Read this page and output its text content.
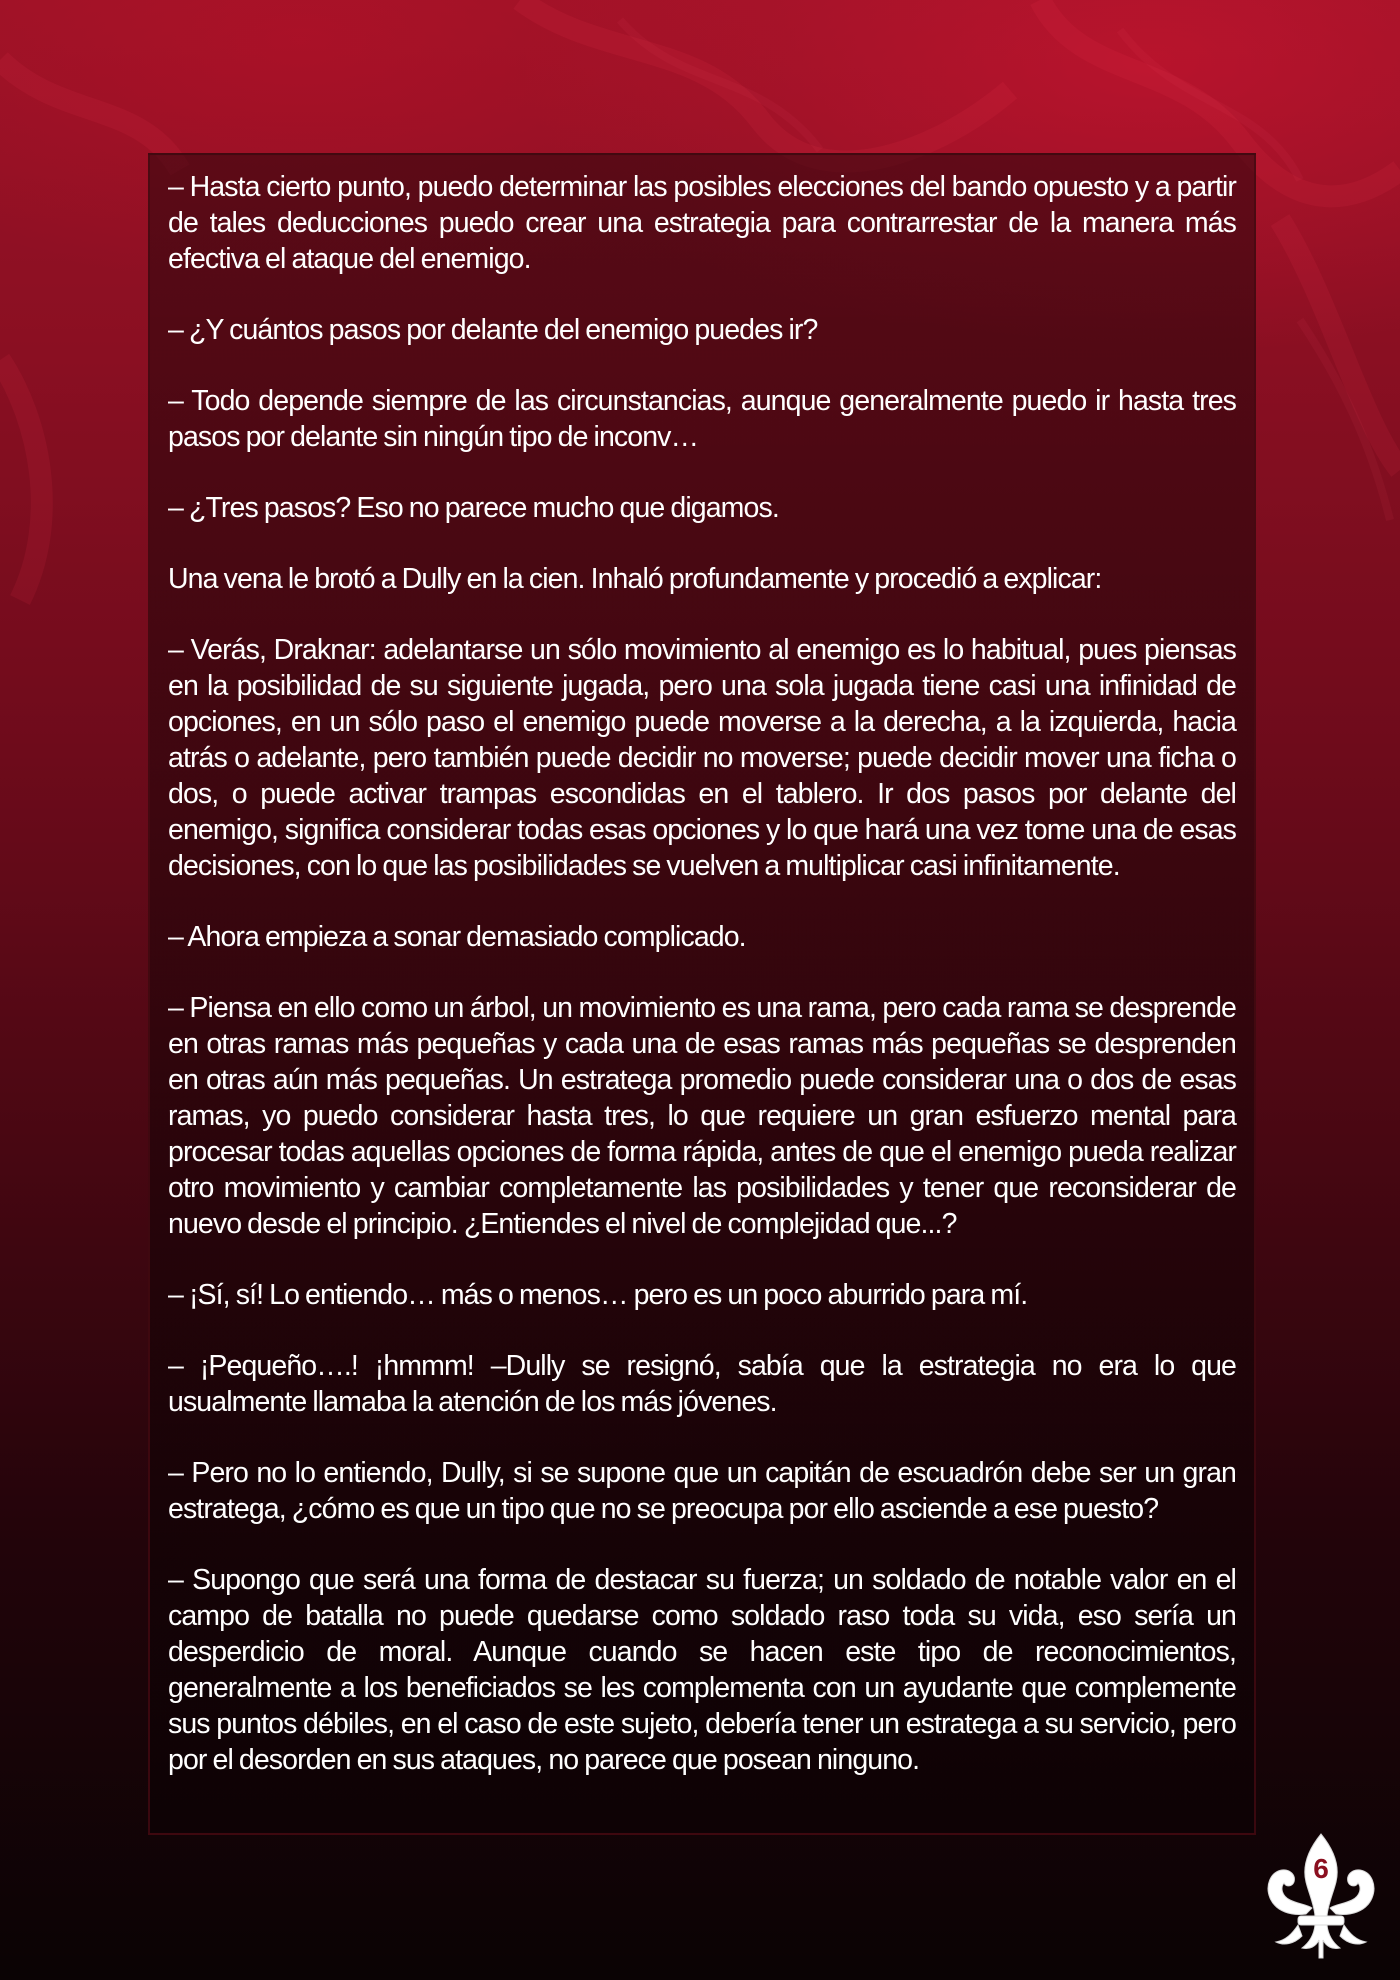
– Hasta cierto punto, puedo determinar las posibles elecciones del bando opuesto y a partir de tales deducciones puedo crear una estrategia para contrarrestar de la manera más efectiva el ataque del enemigo.

– ¿Y cuántos pasos por delante del enemigo puedes ir?

– Todo depende siempre de las circunstancias, aunque generalmente puedo ir hasta tres pasos por delante sin ningún tipo de inconv…

– ¿Tres pasos? Eso no parece mucho que digamos.

Una vena le brotó a Dully en la cien. Inhaló profundamente y procedió a explicar:

– Verás, Draknar: adelantarse un sólo movimiento al enemigo es lo habitual, pues piensas en la posibilidad de su siguiente jugada, pero una sola jugada tiene casi una infinidad de opciones, en un sólo paso el enemigo puede moverse a la derecha, a la izquierda, hacia atrás o adelante, pero también puede decidir no moverse; puede decidir mover una ficha o dos, o puede activar trampas escondidas en el tablero. Ir dos pasos por delante del enemigo, significa considerar todas esas opciones y lo que hará una vez tome una de esas decisiones, con lo que las posibilidades se vuelven a multiplicar casi infinitamente.

– Ahora empieza a sonar demasiado complicado.

– Piensa en ello como un árbol, un movimiento es una rama, pero cada rama se desprende en otras ramas más pequeñas y cada una de esas ramas más pequeñas se desprenden en otras aún más pequeñas. Un estratega promedio puede considerar una o dos de esas ramas, yo puedo considerar hasta tres, lo que requiere un gran esfuerzo mental para procesar todas aquellas opciones de forma rápida, antes de que el enemigo pueda realizar otro movimiento y cambiar completamente las posibilidades y tener que reconsiderar de nuevo desde el principio. ¿Entiendes el nivel de complejidad que...?

– ¡Sí, sí! Lo entiendo… más o menos… pero es un poco aburrido para mí.

– ¡Pequeño….! ¡hmmm! –Dully se resignó, sabía que la estrategia no era lo que usualmente llamaba la atención de los más jóvenes.

– Pero no lo entiendo, Dully, si se supone que un capitán de escuadrón debe ser un gran estratega, ¿cómo es que un tipo que no se preocupa por ello asciende a ese puesto?

– Supongo que será una forma de destacar su fuerza; un soldado de notable valor en el campo de batalla no puede quedarse como soldado raso toda su vida, eso sería un desperdicio de moral. Aunque cuando se hacen este tipo de reconocimientos, generalmente a los beneficiados se les complementa con un ayudante que complemente sus puntos débiles, en el caso de este sujeto, debería tener un estratega a su servicio, pero por el desorden en sus ataques, no parece que posean ninguno.

6
